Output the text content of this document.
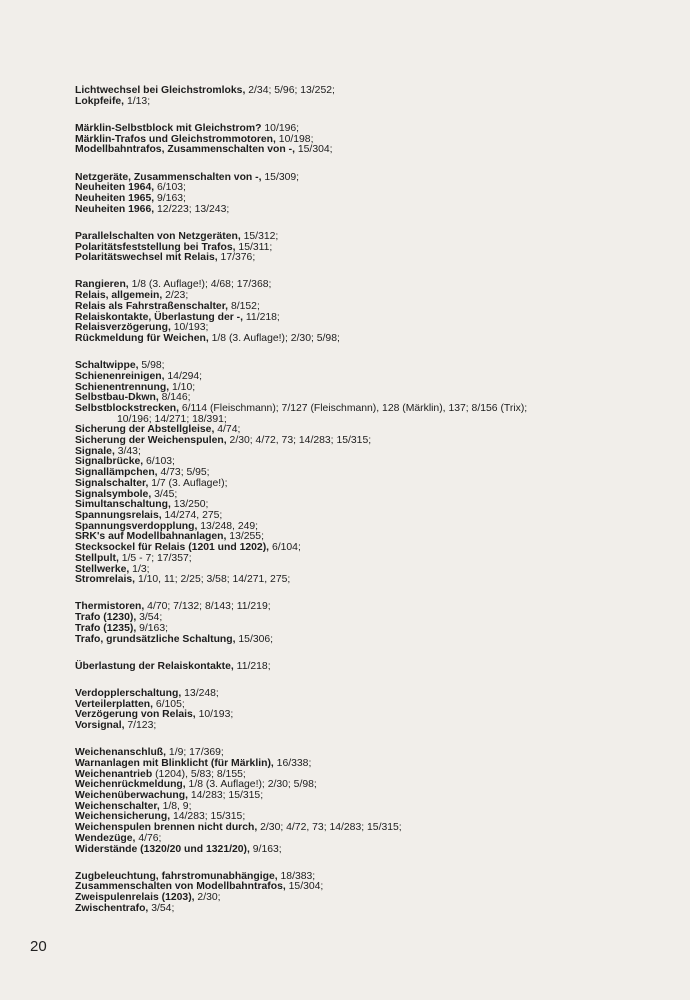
Lichtwechsel bei Gleichstromloks, 2/34; 5/96; 13/252;
Lokpfeife, 1/13;
Märklin-Selbstblock mit Gleichstrom? 10/196;
Märklin-Trafos und Gleichstrommotoren, 10/198;
Modellbahntrafos, Zusammenschalten von -, 15/304;
Netzgeräte, Zusammenschalten von -, 15/309;
Neuheiten 1964, 6/103;
Neuheiten 1965, 9/163;
Neuheiten 1966, 12/223; 13/243;
Parallelschalten von Netzgeräten, 15/312;
Polaritätsfeststellung bei Trafos, 15/311;
Polaritätswechsel mit Relais, 17/376;
Rangieren, 1/8 (3. Auflage!); 4/68; 17/368;
Relais, allgemein, 2/23;
Relais als Fahrstraßenschalter, 8/152;
Relaiskontakte, Überlastung der -, 11/218;
Relaisverzögerung, 10/193;
Rückmeldung für Weichen, 1/8 (3. Auflage!); 2/30; 5/98;
Schaltwippe, 5/98;
Schienenreinigen, 14/294;
Schienentrennung, 1/10;
Selbstbau-Dkwn, 8/146;
Selbstblockstrecken, 6/114 (Fleischmann); 7/127 (Fleischmann), 128 (Märklin), 137; 8/156 (Trix);
10/196; 14/271; 18/391;
Sicherung der Abstellgleise, 4/74;
Sicherung der Weichenspulen, 2/30; 4/72, 73; 14/283; 15/315;
Signale, 3/43;
Signalbrücke, 6/103;
Signallämpchen, 4/73; 5/95;
Signalschalter, 1/7 (3. Auflage!);
Signalsymbole, 3/45;
Simultanschaltung, 13/250;
Spannungsrelais, 14/274, 275;
Spannungsverdopplung, 13/248, 249;
SRK's auf Modellbahnanlagen, 13/255;
Stecksockel für Relais (1201 und 1202), 6/104;
Stellpult, 1/5 - 7; 17/357;
Stellwerke, 1/3;
Stromrelais, 1/10, 11; 2/25; 3/58; 14/271, 275;
Thermistoren, 4/70; 7/132; 8/143; 11/219;
Trafo (1230), 3/54;
Trafo (1235), 9/163;
Trafo, grundsätzliche Schaltung, 15/306;
Überlastung der Relaiskontakte, 11/218;
Verdopplerschaltung, 13/248;
Verteilerplatten, 6/105;
Verzögerung von Relais, 10/193;
Vorsignal, 7/123;
Weichenanschluß, 1/9; 17/369;
Warnanlagen mit Blinklicht (für Märklin), 16/338;
Weichenantrieb (1204), 5/83; 8/155;
Weichenrückmeldung, 1/8 (3. Auflage!); 2/30; 5/98;
Weichenüberwachung, 14/283; 15/315;
Weichenschalter, 1/8, 9;
Weichensicherung, 14/283; 15/315;
Weichenspulen brennen nicht durch, 2/30; 4/72, 73; 14/283; 15/315;
Wendezüge, 4/76;
Widerstände (1320/20 und 1321/20), 9/163;
Zugbeleuchtung, fahrstromunabhängige, 18/383;
Zusammenschalten von Modellbahntrafos, 15/304;
Zweispulenrelais (1203), 2/30;
Zwischentrafo, 3/54;
20
